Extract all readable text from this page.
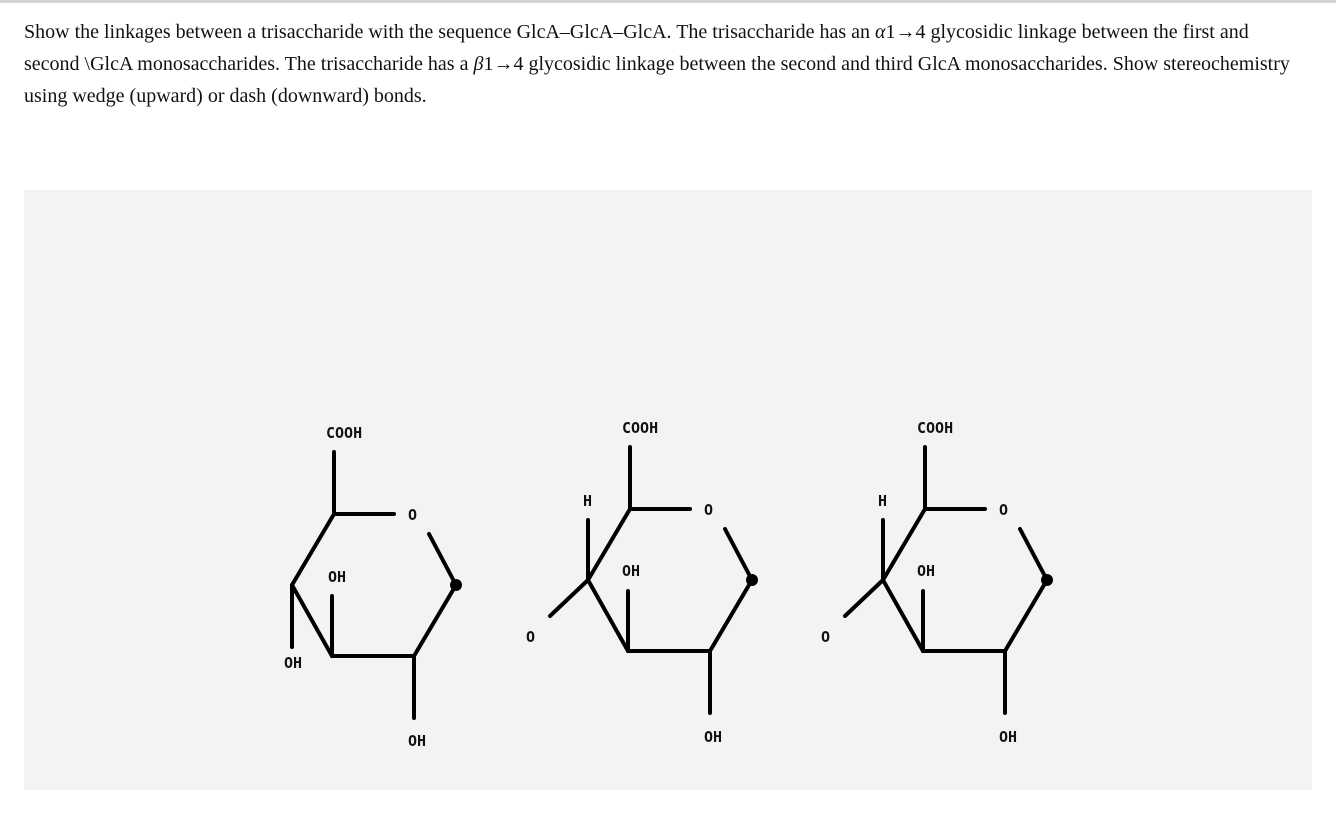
Show the linkages between a trisaccharide with the sequence GlcA–GlcA–GlcA. The trisaccharide has an α1→4 glycosidic linkage between the first and second \GlcA monosaccharides. The trisaccharide has a β1→4 glycosidic linkage between the second and third GlcA monosaccharides. Show stereochemistry using wedge (upward) or dash (downward) bonds.
COOH
O
OH
OH
OH
COOH
O
H
OH
O
OH
COOH
O
H
OH
O
OH
